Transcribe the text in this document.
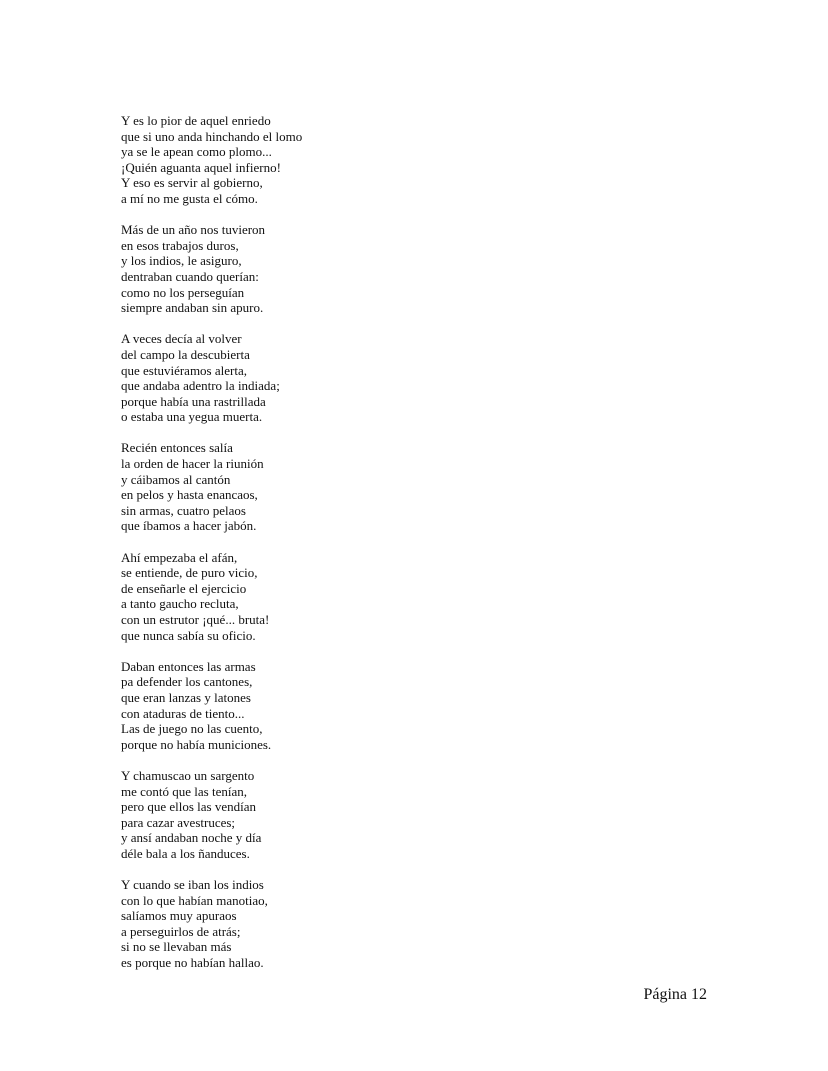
Y es lo pior de aquel enriedo
que si uno anda hinchando el lomo
ya se le apean como plomo...
¡Quién aguanta aquel infierno!
Y eso es servir al gobierno,
a mí no me gusta el cómo.
Más de un año nos tuvieron
en esos trabajos duros,
y los indios, le asiguro,
dentraban cuando querían:
como no los perseguían
siempre andaban sin apuro.
A veces decía al volver
del campo la descubierta
que estuviéramos alerta,
que andaba adentro la indiada;
porque había una rastrillada
o estaba una yegua muerta.
Recién entonces salía
la orden de hacer la riunión
y cáibamos al cantón
en pelos y hasta enancaos,
sin armas, cuatro pelaos
que íbamos a hacer jabón.
Ahí empezaba el afán,
se entiende, de puro vicio,
de enseñarle el ejercicio
a tanto gaucho recluta,
con un estrutor ¡qué... bruta!
que nunca sabía su oficio.
Daban entonces las armas
pa defender los cantones,
que eran lanzas y latones
con ataduras de tiento...
Las de juego no las cuento,
porque no había municiones.
Y chamuscao un sargento
me contó que las tenían,
pero que ellos las vendían
para cazar avestruces;
y ansí andaban noche y día
déle bala a los ñanduces.
Y cuando se iban los indios
con lo que habían manotiao,
salíamos muy apuraos
a perseguirlos de atrás;
si no se llevaban más
es porque no habían hallao.
Página 12
